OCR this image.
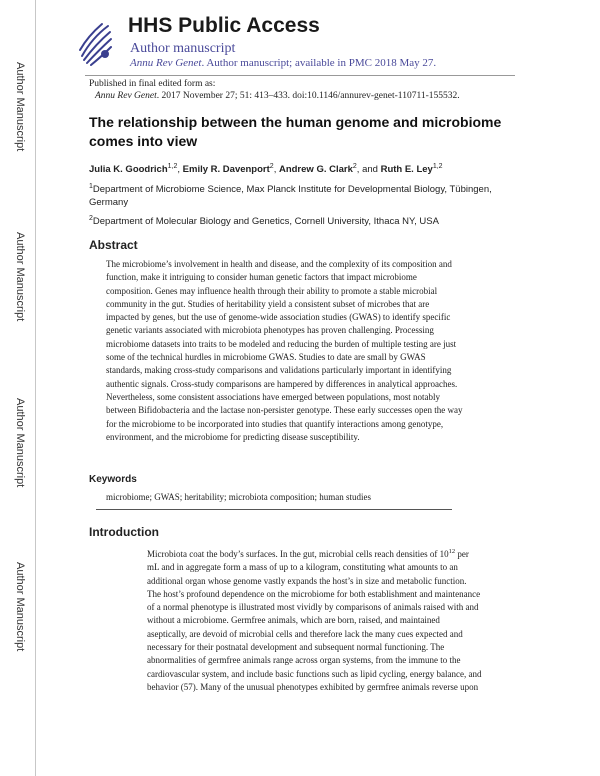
Author Manuscript
Author Manuscript
Author Manuscript
Author Manuscript
HHS Public Access
Author manuscript
Annu Rev Genet. Author manuscript; available in PMC 2018 May 27.
Published in final edited form as:
Annu Rev Genet. 2017 November 27; 51: 413–433. doi:10.1146/annurev-genet-110711-155532.
The relationship between the human genome and microbiome comes into view
Julia K. Goodrich$^{1,2}$, Emily R. Davenport$^2$, Andrew G. Clark$^2$, and Ruth E. Ley$^{1,2}$
$^1$Department of Microbiome Science, Max Planck Institute for Developmental Biology, Tübingen, Germany
$^2$Department of Molecular Biology and Genetics, Cornell University, Ithaca NY, USA
Abstract
The microbiome’s involvement in health and disease, and the complexity of its composition and
function, make it intriguing to consider human genetic factors that impact microbiome
composition. Genes may influence health through their ability to promote a stable microbial
community in the gut. Studies of heritability yield a consistent subset of microbes that are
impacted by genes, but the use of genome-wide association studies (GWAS) to identify specific
genetic variants associated with microbiota phenotypes has proven challenging. Processing
microbiome datasets into traits to be modeled and reducing the burden of multiple testing are just
some of the technical hurdles in microbiome GWAS. Studies to date are small by GWAS
standards, making cross-study comparisons and validations particularly important in identifying
authentic signals. Cross-study comparisons are hampered by differences in analytical approaches.
Nevertheless, some consistent associations have emerged between populations, most notably
between Bifidobacteria and the lactase non-persister genotype. These early successes open the way
for the microbiome to be incorporated into studies that quantify interactions among genotype,
environment, and the microbiome for predicting disease susceptibility.
Keywords
microbiome; GWAS; heritability; microbiota composition; human studies
Introduction
Microbiota coat the body’s surfaces. In the gut, microbial cells reach densities of $10^{12}$ per
mL and in aggregate form a mass of up to a kilogram, constituting what amounts to an
additional organ whose genome vastly expands the host’s in size and metabolic function.
The host’s profound dependence on the microbiome for both establishment and maintenance
of a normal phenotype is illustrated most vividly by comparisons of animals raised with and
without a microbiome. Germfree animals, which are born, raised, and maintained
aseptically, are devoid of microbial cells and therefore lack the many cues expected and
necessary for their postnatal development and subsequent normal functioning. The
abnormalities of germfree animals range across organ systems, from the immune to the
cardiovascular system, and include basic functions such as lipid cycling, energy balance, and
behavior (57). Many of the unusual phenotypes exhibited by germfree animals reverse upon
